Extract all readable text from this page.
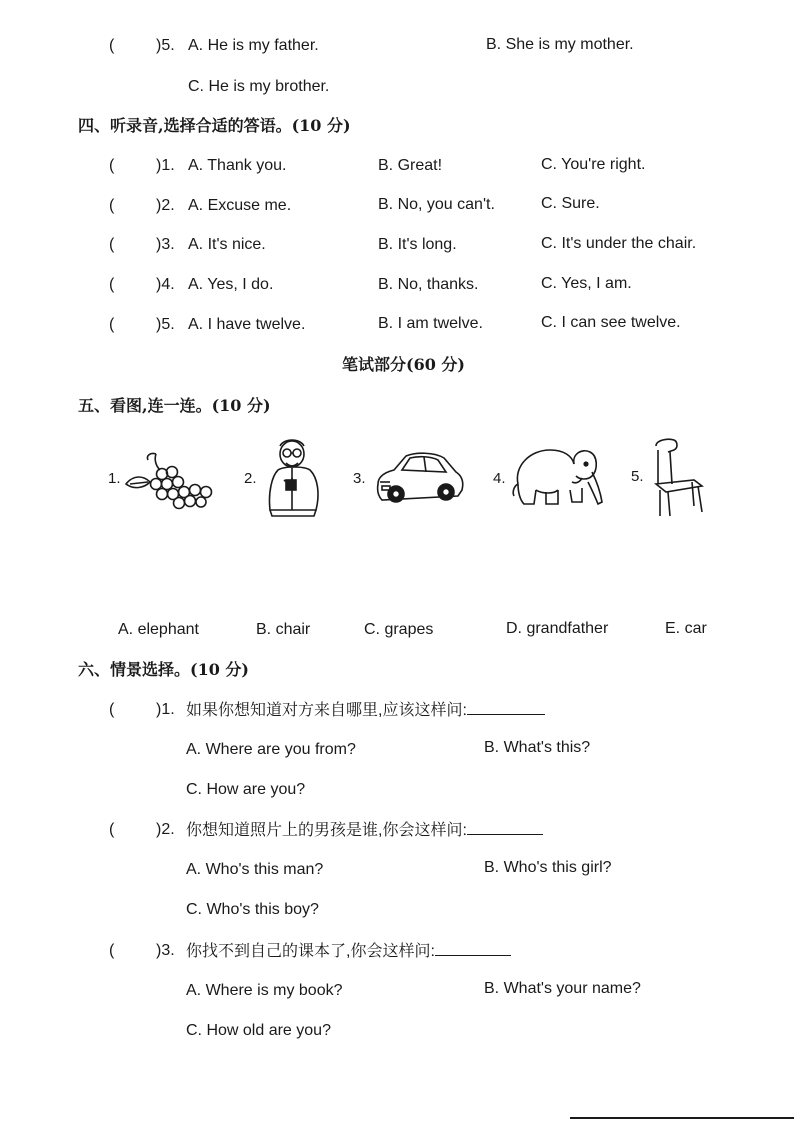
(	)5. A. He is my father.	B. She is my mother.
C. He is my brother.
四、听录音,选择合适的答语。(10 分)
(	)1. A. Thank you.	B. Great!	C. You're right.
(	)2. A. Excuse me.	B. No, you can't.	C. Sure.
(	)3. A. It's nice.	B. It's long.	C. It's under the chair.
(	)4. A. Yes, I do.	B. No, thanks.	C. Yes, I am.
(	)5. A. I have twelve.	B. I am twelve.	C. I can see twelve.
笔试部分(60 分)
五、看图,连一连。(10 分)
1.	2.	3.	4.	5.
A. elephant	B. chair	C. grapes	D. grandfather	E. car
六、情景选择。(10 分)
(	)1. 如果你想知道对方来自哪里,应该这样问:
A. Where are you from?	B. What's this?
C. How are you?
(	)2. 你想知道照片上的男孩是谁,你会这样问:
A. Who's this man?	B. Who's this girl?
C. Who's this boy?
(	)3. 你找不到自己的课本了,你会这样问:
A. Where is my book?	B. What's your name?
C. How old are you?
